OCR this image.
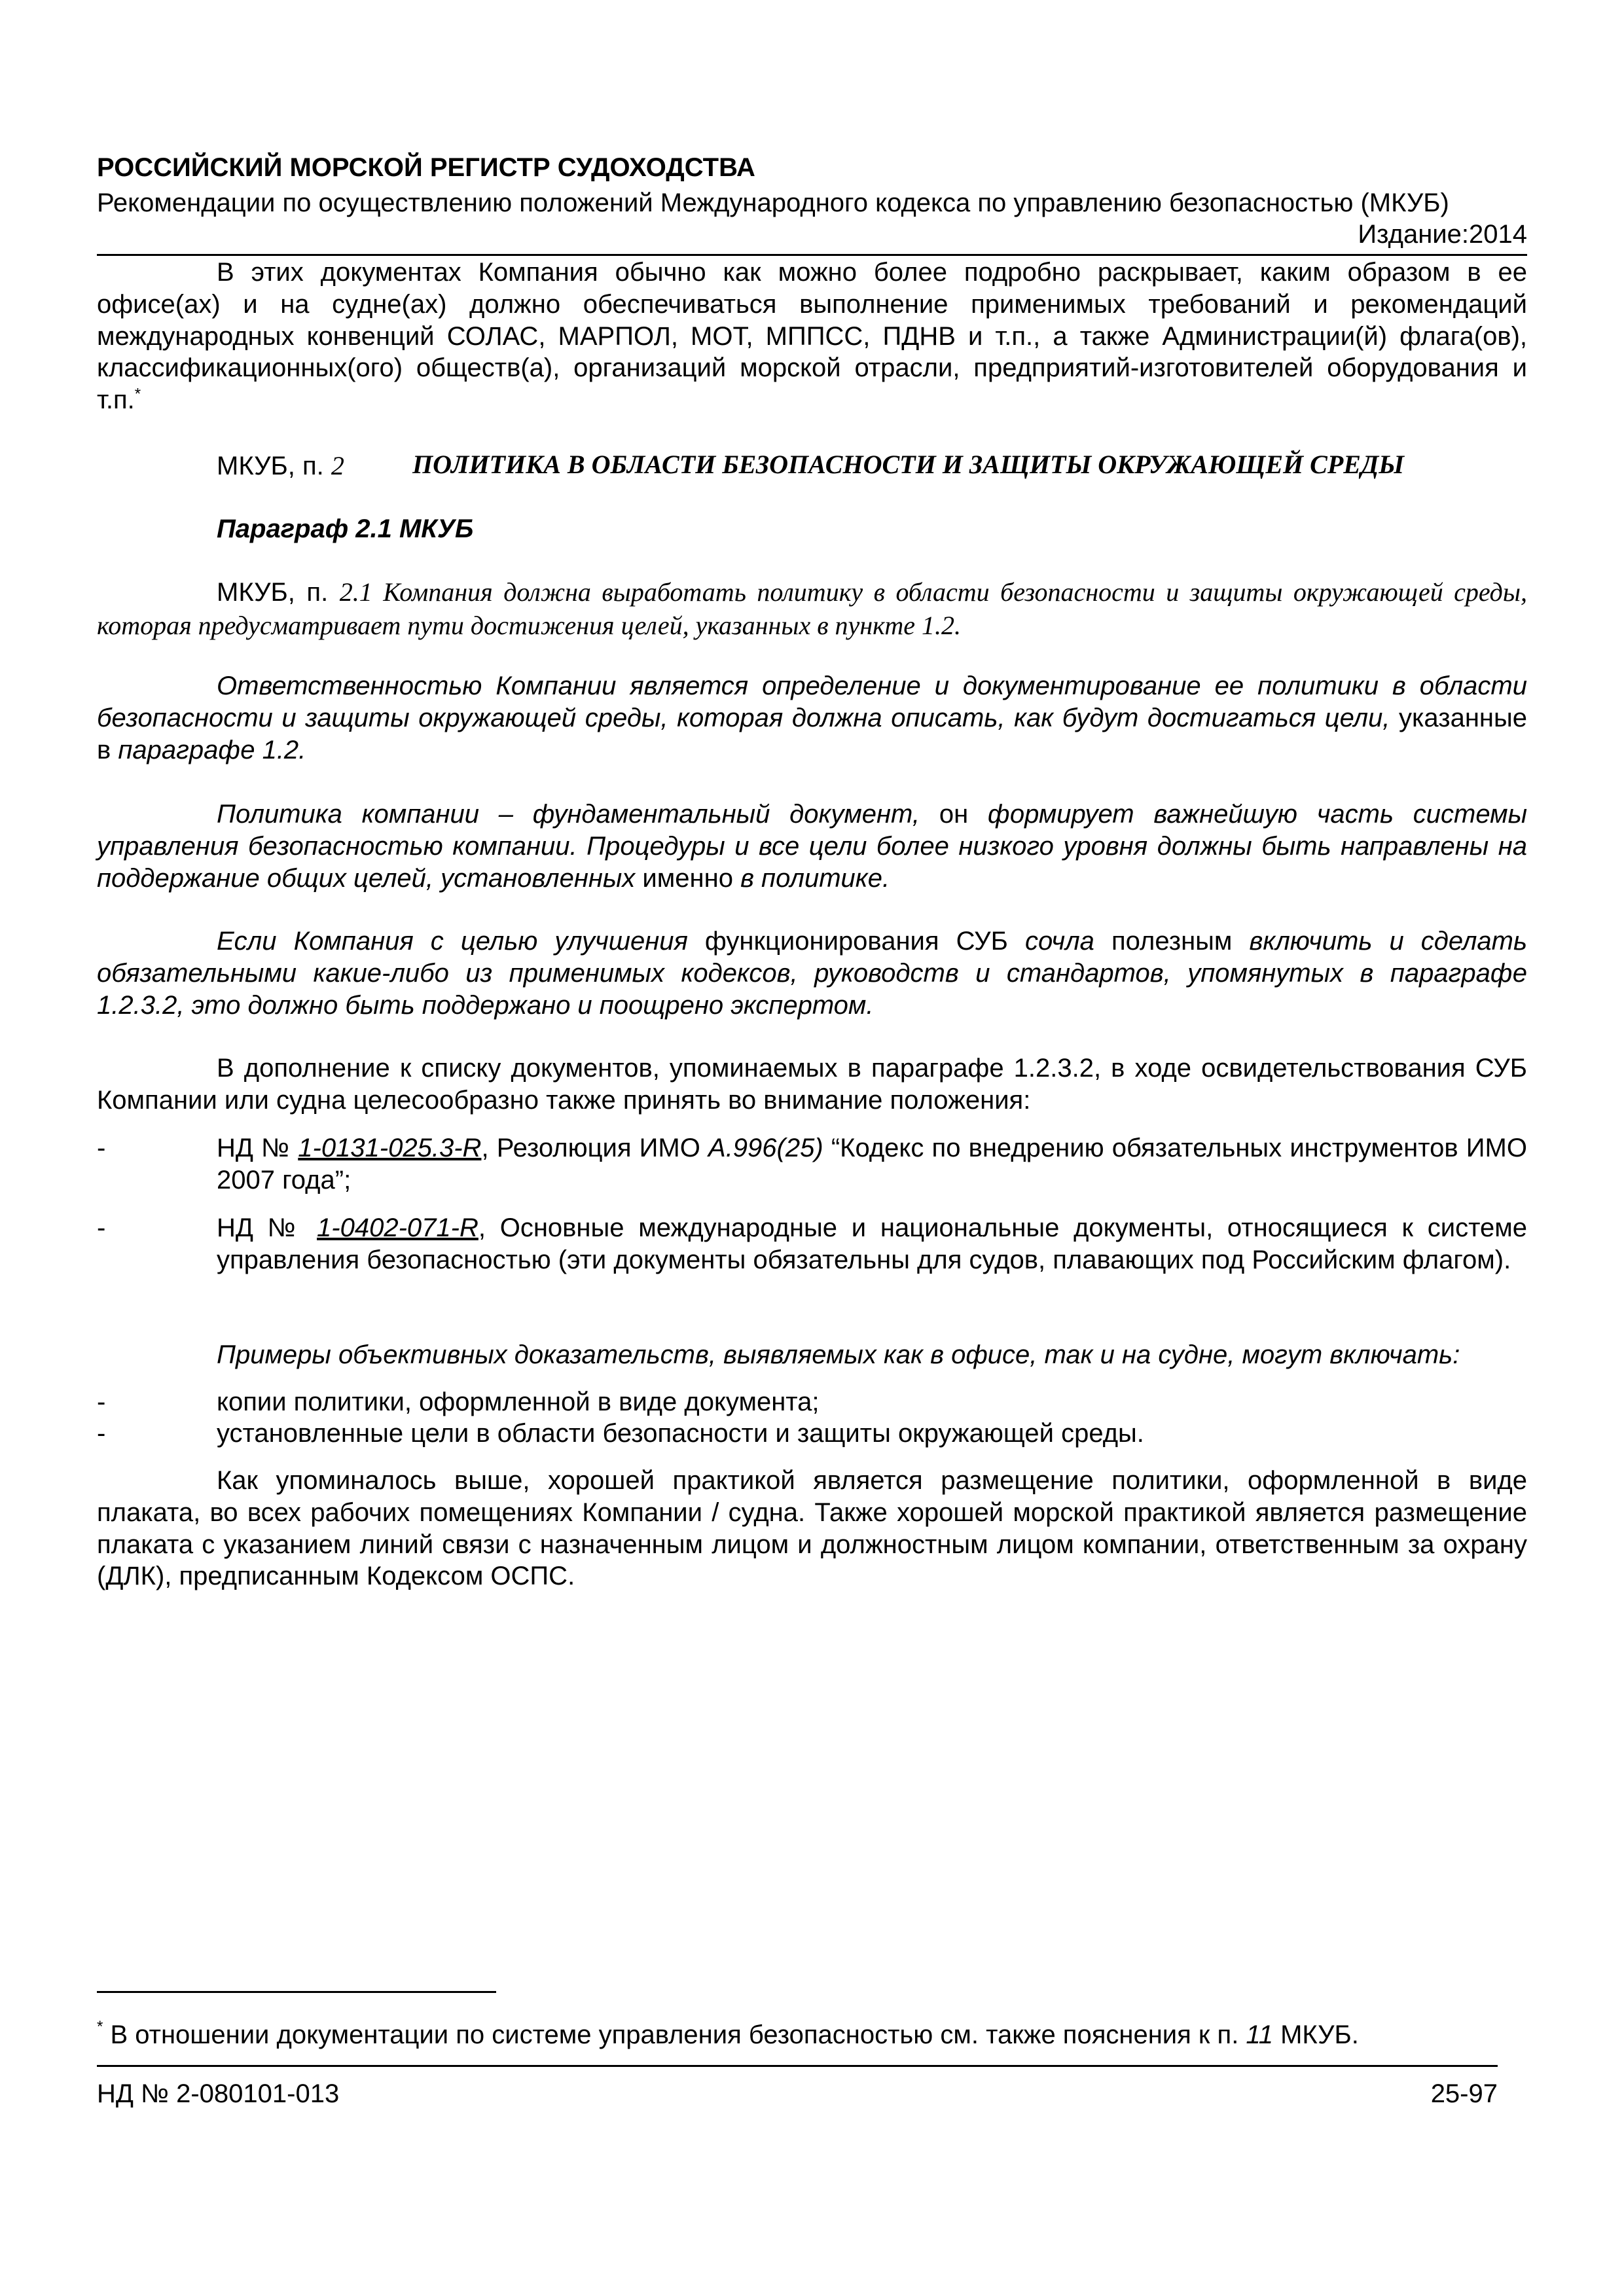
РОССИЙСКИЙ МОРСКОЙ РЕГИСТР СУДОХОДСТВА
Рекомендации по осуществлению положений Международного кодекса по управлению безопасностью (МКУБ)
Издание:2014
В этих документах Компания обычно как можно более подробно раскрывает, каким образом в ее офисе(ах) и на судне(ах) должно обеспечиваться выполнение применимых требований и рекомендаций международных конвенций СОЛАС, МАРПОЛ, МОТ, МППСС, ПДНВ и т.п., а также Администрации(й) флага(ов), классификационных(ого) обществ(а), организаций морской отрасли, предприятий-изготовителей оборудования и т.п.*
МКУБ, п. 2	ПОЛИТИКА В ОБЛАСТИ БЕЗОПАСНОСТИ И ЗАЩИТЫ ОКРУЖАЮЩЕЙ СРЕДЫ
Параграф 2.1 МКУБ
МКУБ, п. 2.1 Компания должна выработать политику в области безопасности и защиты окружающей среды, которая предусматривает пути достижения целей, указанных в пункте 1.2.
Ответственностью Компании является определение и документирование ее политики в области безопасности и защиты окружающей среды, которая должна описать, как будут достигаться цели, указанные в параграфе 1.2.
Политика компании – фундаментальный документ, он формирует важнейшую часть системы управления безопасностью компании. Процедуры и все цели более низкого уровня должны быть направлены на поддержание общих целей, установленных именно в политике.
Если Компания с целью улучшения функционирования СУБ сочла полезным включить и сделать обязательными какие-либо из применимых кодексов, руководств и стандартов, упомянутых в параграфе 1.2.3.2, это должно быть поддержано и поощрено экспертом.
В дополнение к списку документов, упоминаемых в параграфе 1.2.3.2, в ходе освидетельствования СУБ Компании или судна целесообразно также принять во внимание положения:
-	НД № 1-0131-025.3-R, Резолюция ИМО A.996(25) “Кодекс по внедрению обязательных инструментов ИМО 2007 года”;
-	НД № 1-0402-071-R, Основные международные и национальные документы, относящиеся к системе управления безопасностью (эти документы обязательны для судов, плавающих под Российским флагом).
Примеры объективных доказательств, выявляемых как в офисе, так и на судне, могут включать:
-	копии политики, оформленной в виде документа;
-	установленные цели в области безопасности и защиты окружающей среды.
Как упоминалось выше, хорошей практикой является размещение политики, оформленной в виде плаката, во всех рабочих помещениях Компании / судна. Также хорошей морской практикой является размещение плаката с указанием линий связи с назначенным лицом и должностным лицом компании, ответственным за охрану (ДЛК), предписанным Кодексом ОСПС.
* В отношении документации по системе управления безопасностью см. также пояснения к п. 11 МКУБ.
НД № 2-080101-013	25-97
